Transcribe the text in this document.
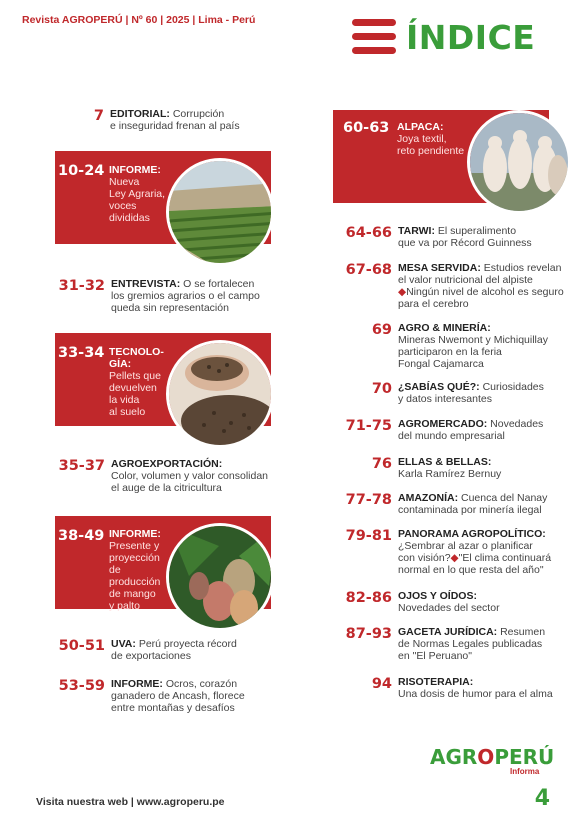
Revista AGROPERÚ | Nº 60 | 2025 | Lima - Perú	ÍNDICE
7 EDITORIAL: Corrupción
e inseguridad frenan al país
10-24 INFORME:
Nueva
Ley Agraria,
voces
divididas
31-32 ENTREVISTA: O se fortalecen
los gremios agrarios o el campo
queda sin representación
33-34 TECNOLO-
GÍA:
Pellets que
devuelven
la vida
al suelo
35-37 AGROEXPORTACIÓN:
Color, volumen y valor consolidan
el auge de la citricultura
38-49 INFORME:
Presente y
proyección
de
producción
de mango
y palto
50-51 UVA: Perú proyecta récord
de exportaciones
53-59 INFORME: Ocros, corazón
ganadero de Ancash, florece
entre montañas y desafíos
60-63 ALPACA:
Joya textil,
reto pendiente
64-66 TARWI: El superalimento
que va por Récord Guinness
67-68 MESA SERVIDA: Estudios revelan
el valor nutricional del alpiste
◆Ningún nivel de alcohol es seguro
para el cerebro
69 AGRO & MINERÍA:
Mineras Nwemont y Michiquillay
participaron en la feria
Fongal Cajamarca
70 ¿SABÍAS QUÉ?: Curiosidades
y datos interesantes
71-75 AGROMERCADO: Novedades
del mundo empresarial
76 ELLAS & BELLAS:
Karla Ramírez Bernuy
77-78 AMAZONÍA: Cuenca del Nanay
contaminada por minería ilegal
79-81 PANORAMA AGROPOLÍTICO:
¿Sembrar al azar o planificar
con visión?◆"El clima continuará
normal en lo que resta del año"
82-86 OJOS Y OÍDOS:
Novedades del sector
87-93 GACETA JURÍDICA: Resumen
de Normas Legales publicadas
en "El Peruano"
94 RISOTERAPIA:
Una dosis de humor para el alma
AGROPERÚ
Informa
Visita nuestra web | www.agroperu.pe	4
